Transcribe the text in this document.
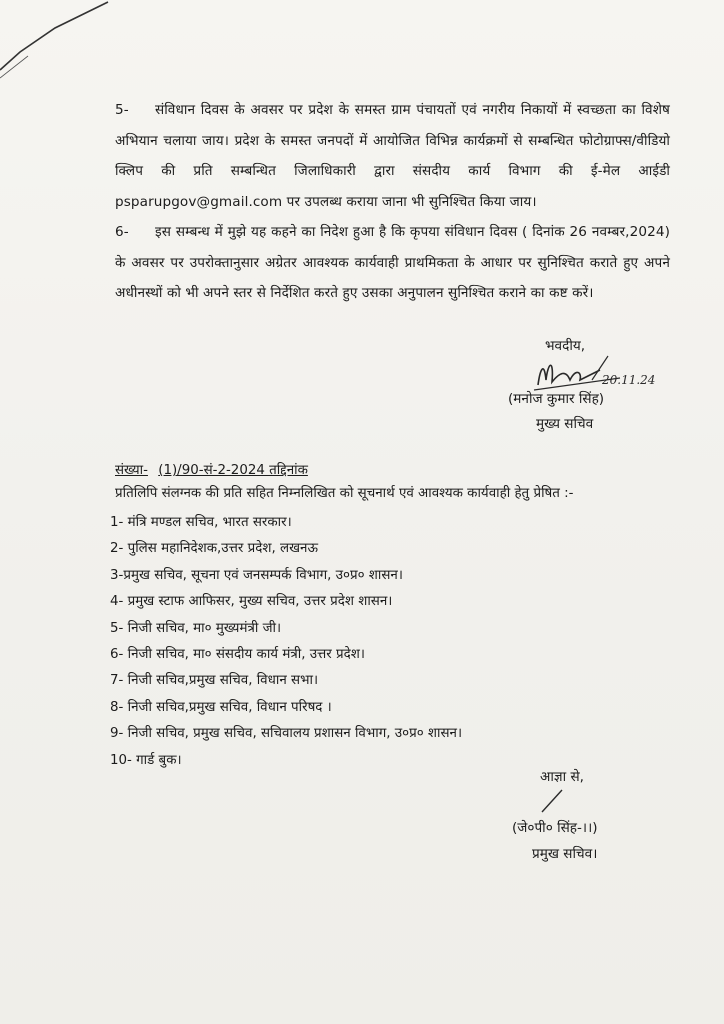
5- संविधान दिवस के अवसर पर प्रदेश के समस्त ग्राम पंचायतों एवं नगरीय निकायों में स्वच्छता का विशेष अभियान चलाया जाय। प्रदेश के समस्त जनपदों में आयोजित विभिन्न कार्यक्रमों से सम्बन्धित फोटोग्राफ्स/वीडियो क्लिप की प्रति सम्बन्धित जिलाधिकारी द्वारा संसदीय कार्य विभाग की ई-मेल आईडी psparupgov@gmail.com पर उपलब्ध कराया जाना भी सुनिश्चित किया जाय।
6- इस सम्बन्ध में मुझे यह कहने का निदेश हुआ है कि कृपया संविधान दिवस ( दिनांक 26 नवम्बर,2024) के अवसर पर उपरोक्तानुसार अग्रेतर आवश्यक कार्यवाही प्राथमिकता के आधार पर सुनिश्चित कराते हुए अपने अधीनस्थों को भी अपने स्तर से निर्देशित करते हुए उसका अनुपालन सुनिश्चित कराने का कष्ट करें।
भवदीय,
20.11.24
(मनोज कुमार सिंह)
मुख्य सचिव
संख्या- (1)/90-सं-2-2024 तद्दिनांक
प्रतिलिपि संलग्नक की प्रति सहित निम्नलिखित को सूचनार्थ एवं आवश्यक कार्यवाही हेतु प्रेषित :-
1- मंत्रि मण्डल सचिव, भारत सरकार।
2- पुलिस महानिदेशक,उत्तर प्रदेश, लखनऊ
3-प्रमुख सचिव, सूचना एवं जनसम्पर्क विभाग, उ०प्र० शासन।
4- प्रमुख स्टाफ आफिसर, मुख्य सचिव, उत्तर प्रदेश शासन।
5- निजी सचिव, मा० मुख्यमंत्री जी।
6- निजी सचिव, मा० संसदीय कार्य मंत्री, उत्तर प्रदेश।
7- निजी सचिव,प्रमुख सचिव, विधान सभा।
8- निजी सचिव,प्रमुख सचिव, विधान परिषद ।
9- निजी सचिव, प्रमुख सचिव, सचिवालय प्रशासन विभाग, उ०प्र० शासन।
10- गार्ड बुक।
आज्ञा से,
(जे०पी० सिंह-।।)
प्रमुख सचिव।
